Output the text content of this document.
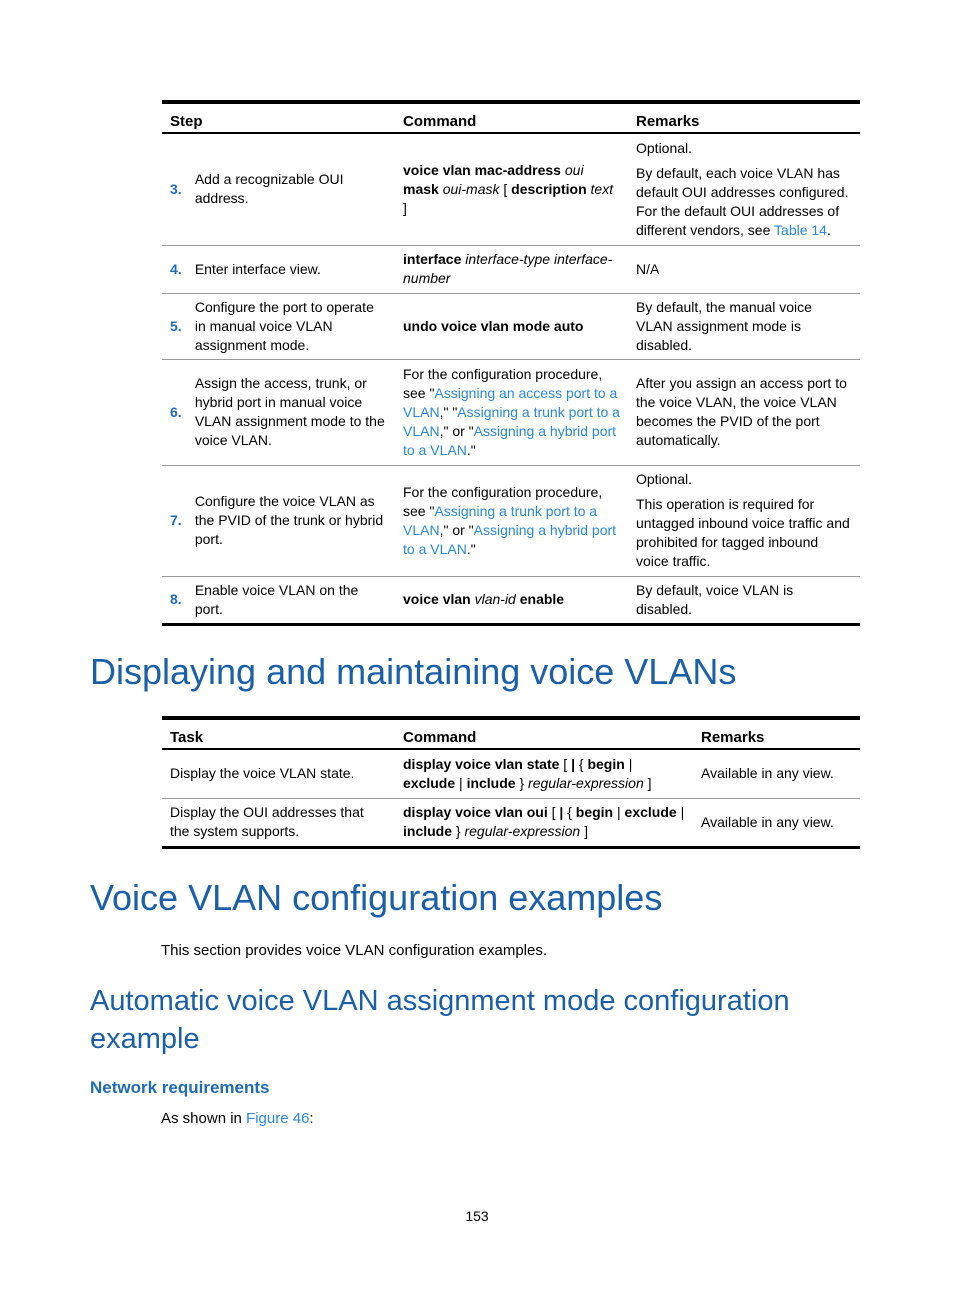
Step		Command	Remarks
3.	Add a recognizable OUI address.	voice vlan mac-address oui mask oui-mask [ description text ]	Optional.

By default, each voice VLAN has default OUI addresses configured. For the default OUI addresses of different vendors, see Table 14.

4.	Enter interface view.	interface interface-type interface-number	N/A

5.	Configure the port to operate in manual voice VLAN assignment mode.	undo voice vlan mode auto	By default, the manual voice VLAN assignment mode is disabled.

6.	Assign the access, trunk, or hybrid port in manual voice VLAN assignment mode to the voice VLAN.	For the configuration procedure, see "Assigning an access port to a VLAN," "Assigning a trunk port to a VLAN," or "Assigning a hybrid port to a VLAN."	After you assign an access port to the voice VLAN, the voice VLAN becomes the PVID of the port automatically.

7.	Configure the voice VLAN as the PVID of the trunk or hybrid port.	For the configuration procedure, see "Assigning a trunk port to a VLAN," or "Assigning a hybrid port to a VLAN."	Optional.

This operation is required for untagged inbound voice traffic and prohibited for tagged inbound voice traffic.

8.	Enable voice VLAN on the port.	voice vlan vlan-id enable	By default, voice VLAN is disabled.

Displaying and maintaining voice VLANs
Task	Command	Remarks
Display the voice VLAN state.	display voice vlan state [ | { begin | exclude | include } regular-expression ]	Available in any view.
Display the OUI addresses that the system supports.	display voice vlan oui [ | { begin | exclude | include } regular-expression ]	Available in any view.
Voice VLAN configuration examples

This section provides voice VLAN configuration examples.

Automatic voice VLAN assignment mode configuration example
Network requirements

As shown in Figure 46:

153
